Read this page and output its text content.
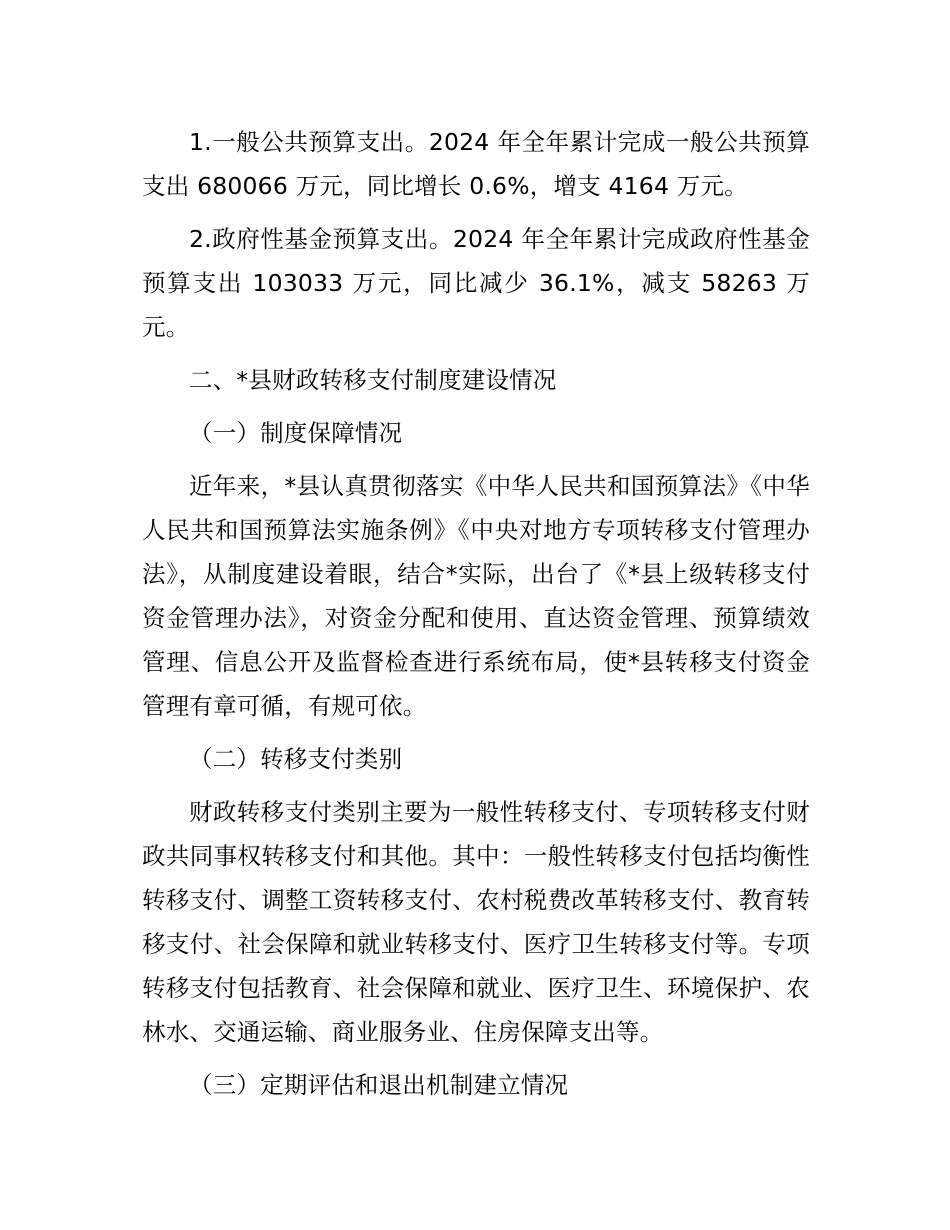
1.一般公共预算支出。2024 年全年累计完成一般公共预算支出 680066 万元，同比增长 0.6%，增支 4164 万元。

2.政府性基金预算支出。2024 年全年累计完成政府性基金预算支出 103033 万元，同比减少 36.1%，减支 58263 万元。

二、*县财政转移支付制度建设情况

（一）制度保障情况

近年来，*县认真贯彻落实《中华人民共和国预算法》《中华人民共和国预算法实施条例》《中央对地方专项转移支付管理办法》，从制度建设着眼，结合*实际，出台了《*县上级转移支付资金管理办法》，对资金分配和使用、直达资金管理、预算绩效管理、信息公开及监督检查进行系统布局，使*县转移支付资金管理有章可循，有规可依。

（二）转移支付类别

财政转移支付类别主要为一般性转移支付、专项转移支付财政共同事权转移支付和其他。其中：一般性转移支付包括均衡性转移支付、调整工资转移支付、农村税费改革转移支付、教育转移支付、社会保障和就业转移支付、医疗卫生转移支付等。专项转移支付包括教育、社会保障和就业、医疗卫生、环境保护、农林水、交通运输、商业服务业、住房保障支出等。

（三）定期评估和退出机制建立情况
